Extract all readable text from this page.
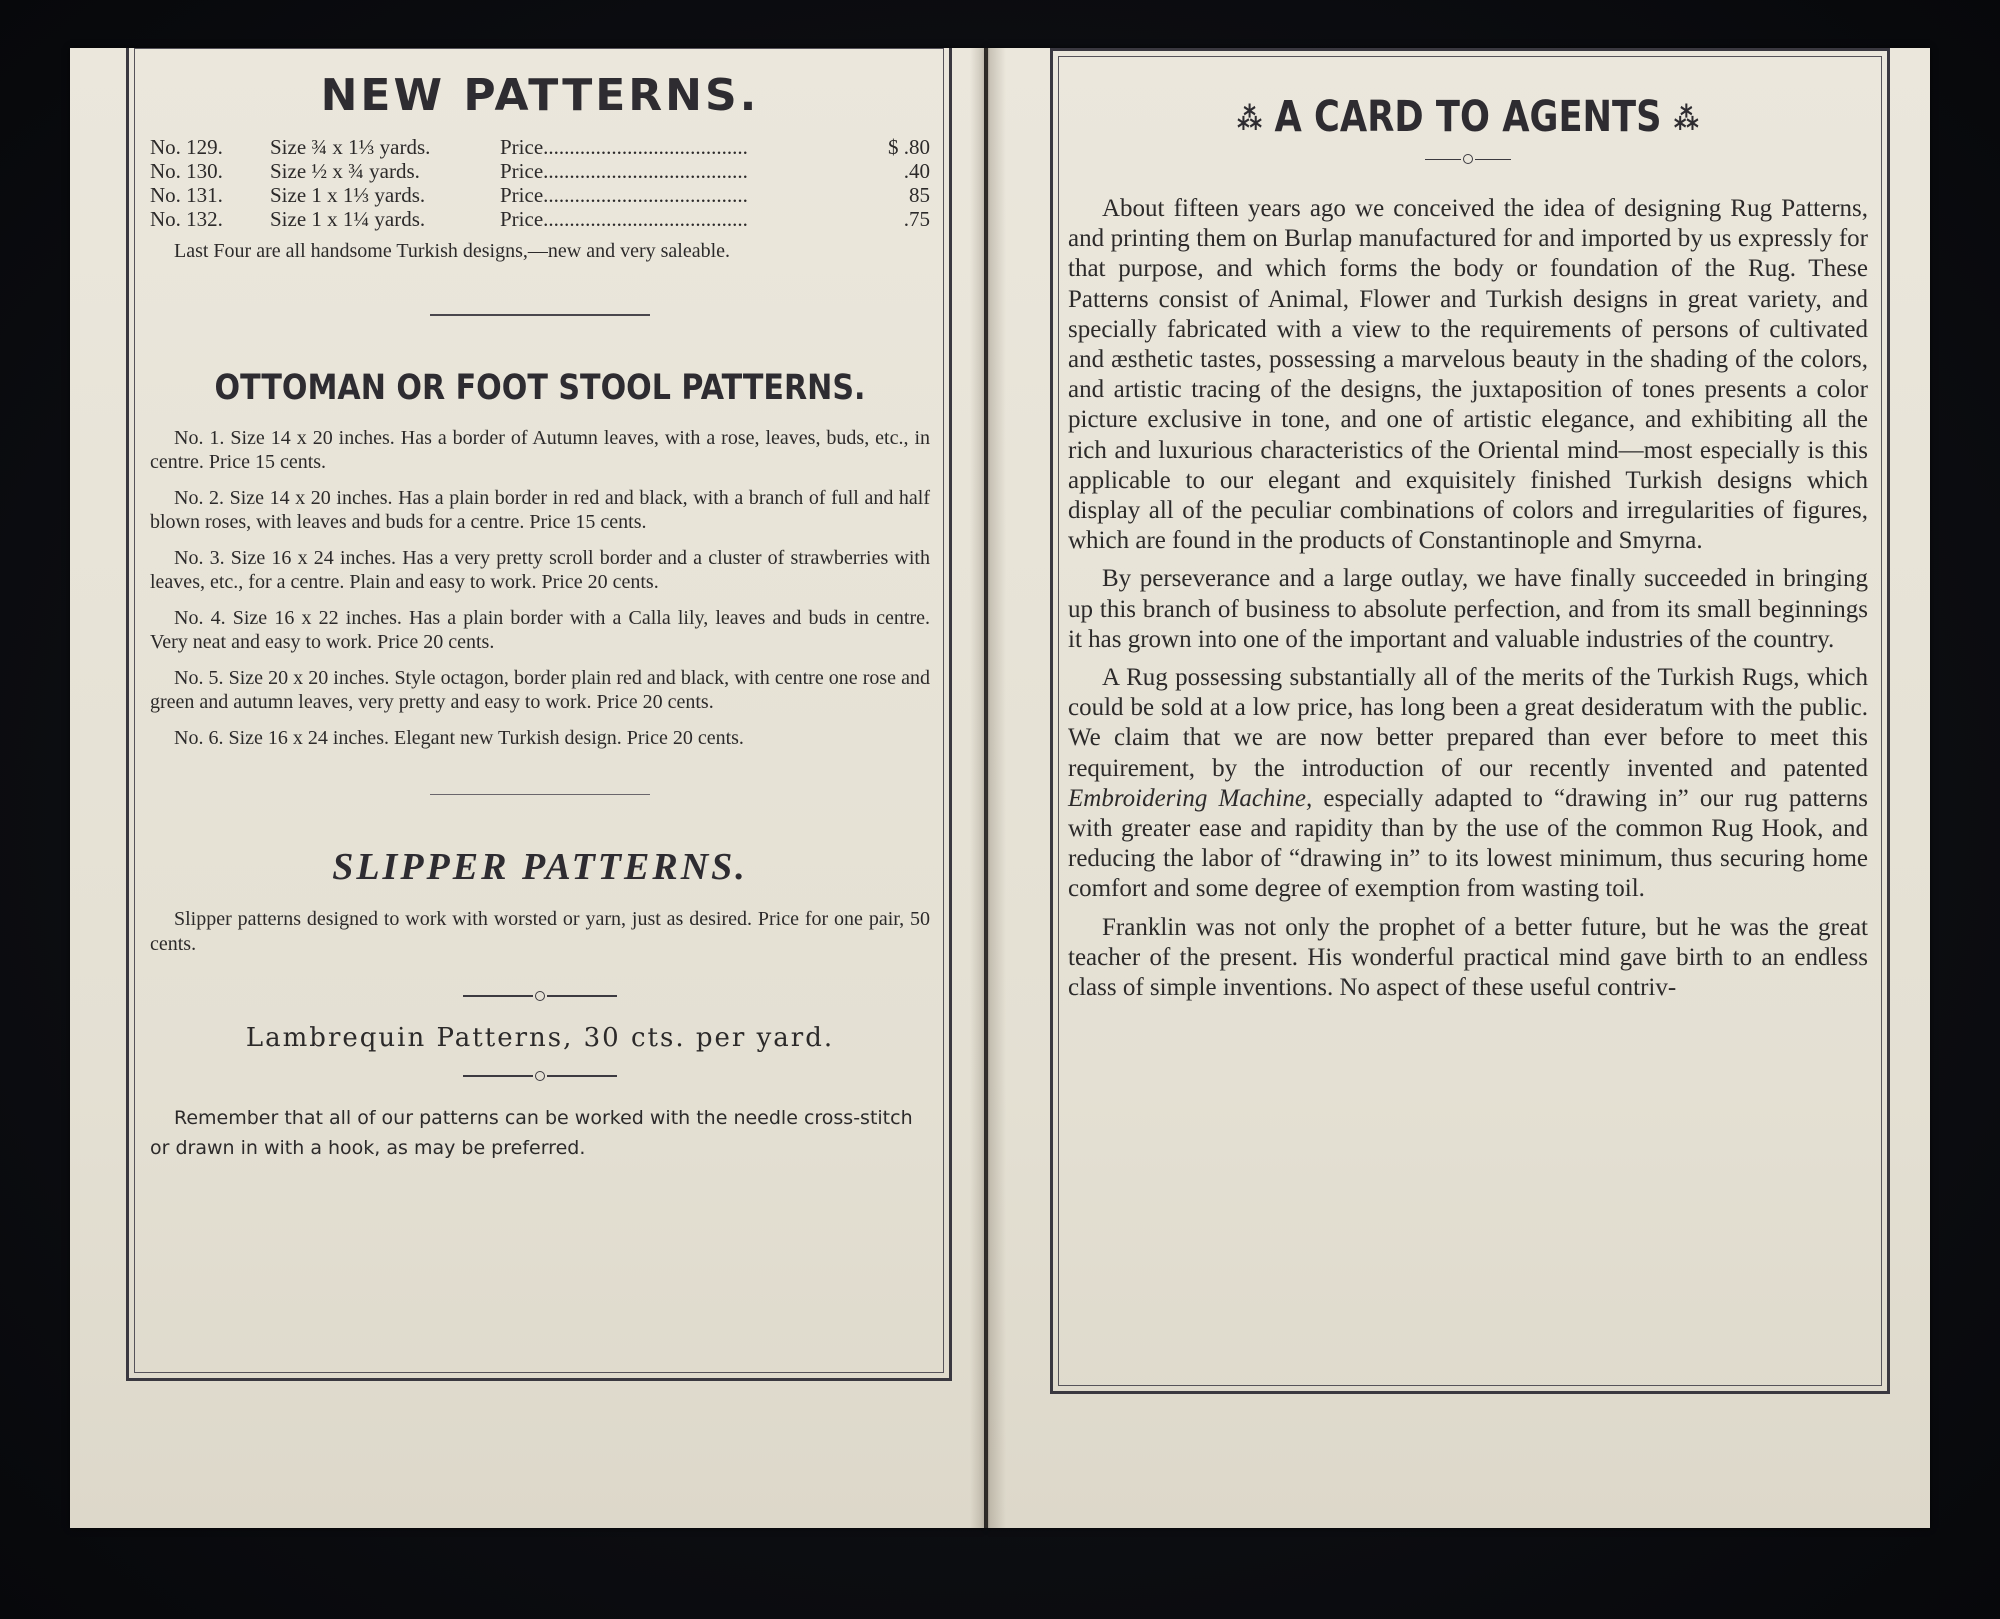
NEW PATTERNS.
No. 129.	Size ¾ x 1⅓ yards.	Price.......................................	$ .80
No. 130.	Size ½ x ¾ yards.	Price.......................................	.40
No. 131.	Size 1 x 1⅓ yards.	Price.......................................	85
No. 132.	Size 1 x 1¼ yards.	Price.......................................	.75

Last Four are all handsome Turkish designs,—new and very saleable.

OTTOMAN OR FOOT STOOL PATTERNS.

No. 1. Size 14 x 20 inches. Has a border of Autumn leaves, with a rose, leaves, buds, etc., in centre. Price 15 cents.

No. 2. Size 14 x 20 inches. Has a plain border in red and black, with a branch of full and half blown roses, with leaves and buds for a centre. Price 15 cents.

No. 3. Size 16 x 24 inches. Has a very pretty scroll border and a cluster of strawberries with leaves, etc., for a centre. Plain and easy to work. Price 20 cents.

No. 4. Size 16 x 22 inches. Has a plain border with a Calla lily, leaves and buds in centre. Very neat and easy to work. Price 20 cents.

No. 5. Size 20 x 20 inches. Style octagon, border plain red and black, with centre one rose and green and autumn leaves, very pretty and easy to work. Price 20 cents.

No. 6. Size 16 x 24 inches. Elegant new Turkish design. Price 20 cents.

SLIPPER PATTERNS.

Slipper patterns designed to work with worsted or yarn, just as desired. Price for one pair, 50 cents.

Lambrequin Patterns, 30 cts. per yard.

Remember that all of our patterns can be worked with the needle cross-stitch or drawn in with a hook, as may be preferred.

⁂ A CARD TO AGENTS ⁂

About fifteen years ago we conceived the idea of designing Rug Patterns, and printing them on Burlap manufactured for and imported by us expressly for that purpose, and which forms the body or foundation of the Rug. These Patterns consist of Animal, Flower and Turkish designs in great variety, and specially fabricated with a view to the requirements of persons of cultivated and æsthetic tastes, possessing a marvelous beauty in the shading of the colors, and artistic tracing of the designs, the juxtaposition of tones presents a color picture exclusive in tone, and one of artistic elegance, and exhibiting all the rich and luxurious characteristics of the Oriental mind—most especially is this applicable to our elegant and exquisitely finished Turkish designs which display all of the peculiar combinations of colors and irregularities of figures, which are found in the products of Constantinople and Smyrna.

By perseverance and a large outlay, we have finally succeeded in bringing up this branch of business to absolute perfection, and from its small beginnings it has grown into one of the important and valuable industries of the country.

A Rug possessing substantially all of the merits of the Turkish Rugs, which could be sold at a low price, has long been a great desideratum with the public. We claim that we are now better prepared than ever before to meet this requirement, by the introduction of our recently invented and patented Embroidering Machine, especially adapted to “drawing in” our rug patterns with greater ease and rapidity than by the use of the common Rug Hook, and reducing the labor of “drawing in” to its lowest minimum, thus securing home comfort and some degree of exemption from wasting toil.

Franklin was not only the prophet of a better future, but he was the great teacher of the present. His wonderful practical mind gave birth to an endless class of simple inventions. No aspect of these useful contriv-
